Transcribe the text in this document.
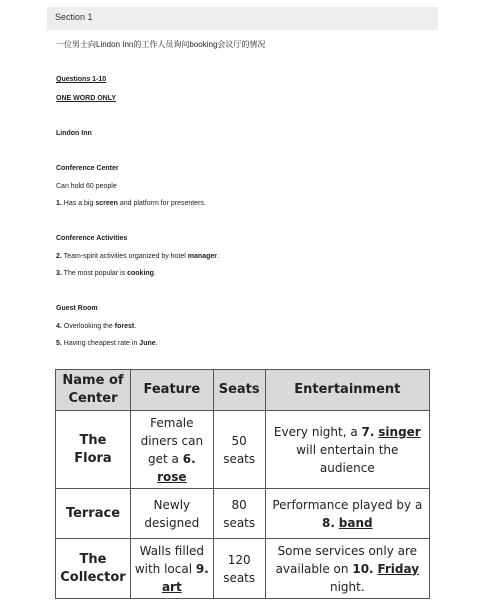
Section 1
一位男士向Lindon Inn的工作人员询问booking会议厅的情况
Questions 1-10
ONE WORD ONLY
Lindon Inn
Conference Center
Can hold 60 people
1. Has a big screen and platform for presenters.
Conference Activities
2. Team-spirit activities organized by hotel manager.
3. The most popular is cooking.
Guest Room
4. Overlooking the forest.
5. Having cheapest rate in June.
Name of Center	Feature	Seats	Entertainment
The Flora	Female diners can get a 6. rose	50 seats	Every night, a 7. singer will entertain the audience
Terrace	Newly designed	80 seats	Performance played by a 8. band
The Collector	Walls filled with local 9. art	120 seats	Some services only are available on 10. Friday night.
